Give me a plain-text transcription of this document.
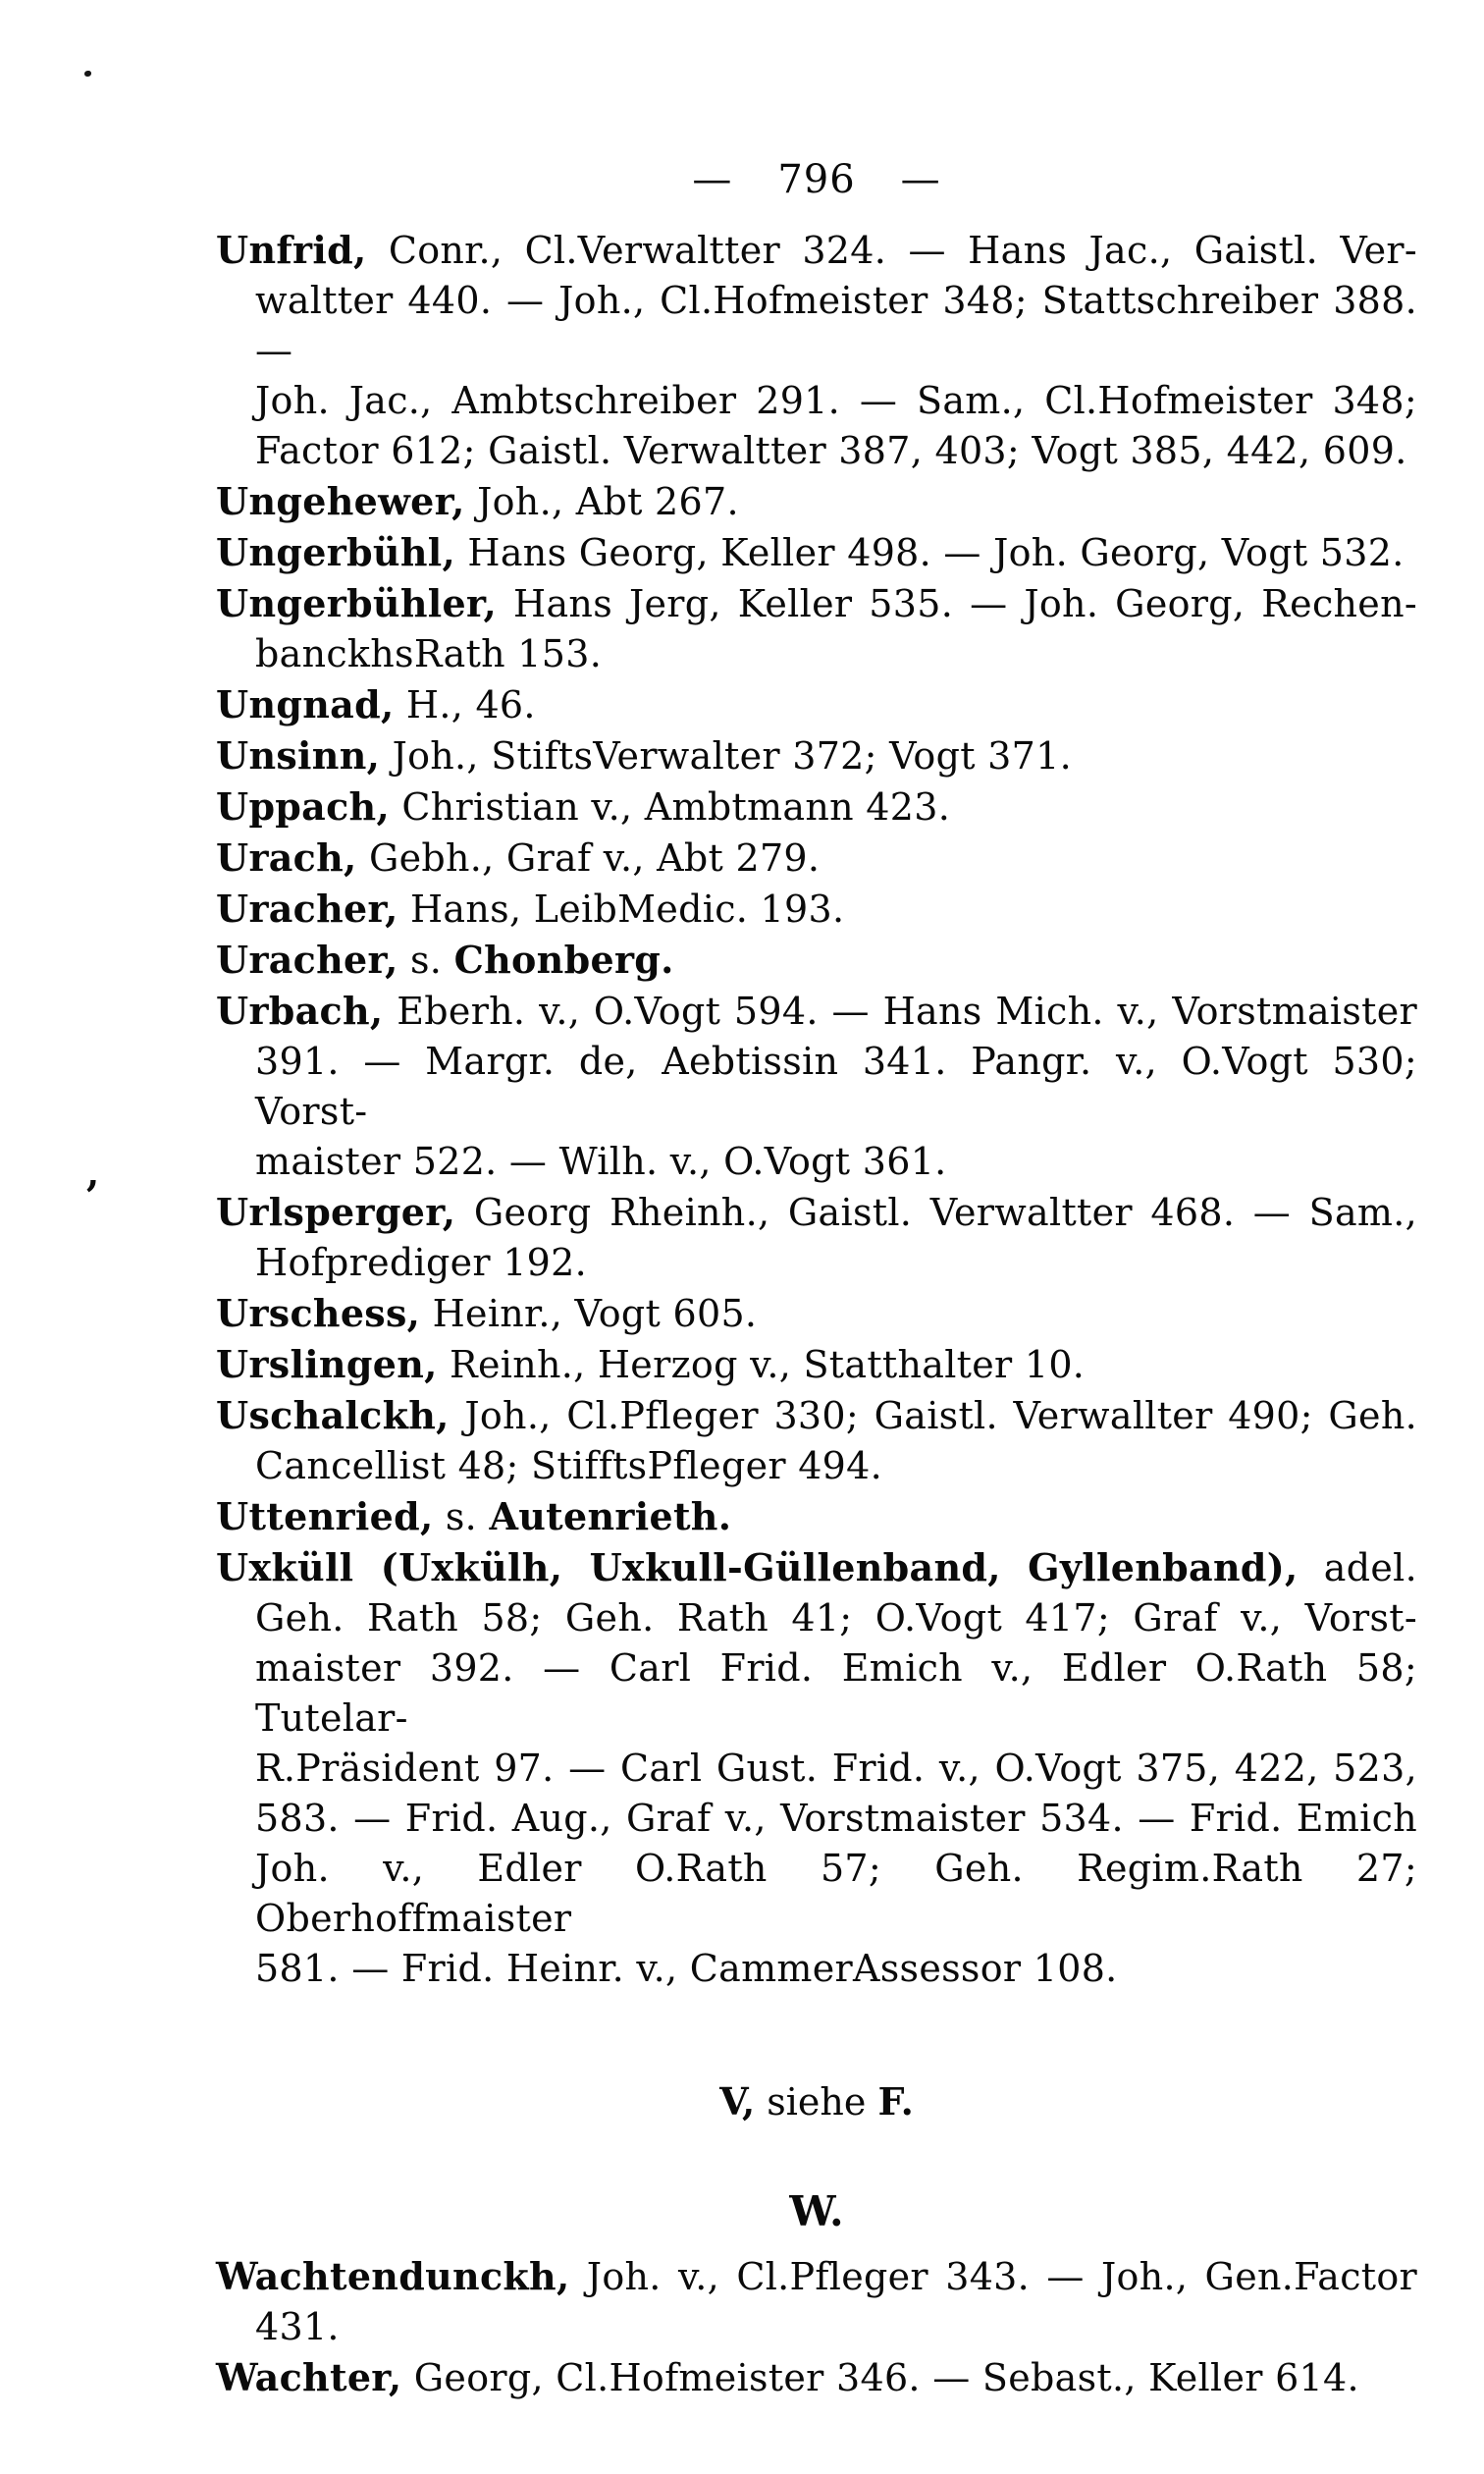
,
— 796 —
Unfrid, Conr., Cl.Verwaltter 324. — Hans Jac., Gaistl. Ver-
waltter 440. — Joh., Cl.Hofmeister 348; Stattschreiber 388. —
Joh. Jac., Ambtschreiber 291. — Sam., Cl.Hofmeister 348;
Factor 612; Gaistl. Verwaltter 387, 403; Vogt 385, 442, 609.
Ungehewer, Joh., Abt 267.
Ungerbühl, Hans Georg, Keller 498. — Joh. Georg, Vogt 532.
Ungerbühler, Hans Jerg, Keller 535. — Joh. Georg, Rechen-
banckhsRath 153.
Ungnad, H., 46.
Unsinn, Joh., StiftsVerwalter 372; Vogt 371.
Uppach, Christian v., Ambtmann 423.
Urach, Gebh., Graf v., Abt 279.
Uracher, Hans, LeibMedic. 193.
Uracher, s. Chonberg.
Urbach, Eberh. v., O.Vogt 594. — Hans Mich. v., Vorstmaister
391. — Margr. de, Aebtissin 341. Pangr. v., O.Vogt 530; Vorst-
maister 522. — Wilh. v., O.Vogt 361.
Urlsperger, Georg Rheinh., Gaistl. Verwaltter 468. — Sam.,
Hofprediger 192.
Urschess, Heinr., Vogt 605.
Urslingen, Reinh., Herzog v., Statthalter 10.
Uschalckh, Joh., Cl.Pfleger 330; Gaistl. Verwallter 490; Geh.
Cancellist 48; StifftsPfleger 494.
Uttenried, s. Autenrieth.
Uxküll (Uxkülh, Uxkull-Güllenband, Gyllenband), adel.
Geh. Rath 58; Geh. Rath 41; O.Vogt 417; Graf v., Vorst-
maister 392. — Carl Frid. Emich v., Edler O.Rath 58; Tutelar-
R.Präsident 97. — Carl Gust. Frid. v., O.Vogt 375, 422, 523,
583. — Frid. Aug., Graf v., Vorstmaister 534. — Frid. Emich
Joh. v., Edler O.Rath 57; Geh. Regim.Rath 27; Oberhoffmaister
581. — Frid. Heinr. v., CammerAssessor 108.
V, siehe F.
W.
Wachtendunckh, Joh. v., Cl.Pfleger 343. — Joh., Gen.Factor
431.
Wachter, Georg, Cl.Hofmeister 346. — Sebast., Keller 614.
